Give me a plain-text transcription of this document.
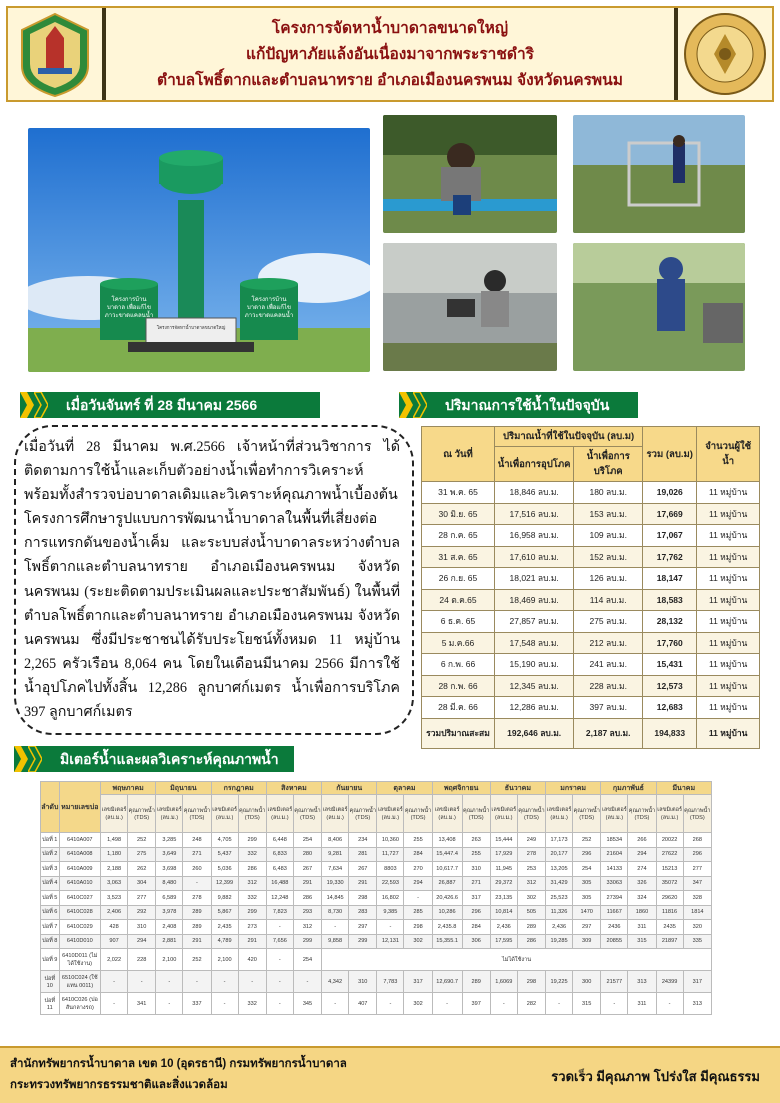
โครงการจัดหาน้ำบาดาลขนาดใหญ่
แก้ปัญหาภัยแล้งอันเนื่องมาจากพระราชดำริ
ตำบลโพธิ์ตากและตำบลนาทราย อำเภอเมืองนครพนม จังหวัดนครพนม
โครงการบ้านบาดาล เพื่อแก้ไขภาวะขาดแคลนน้ำ
โครงการบ้านบาดาล เพื่อแก้ไขภาวะขาดแคลนน้ำ
โครงการจัดหาน้ำบาดาลขนาดใหญ่
เมื่อวันจันทร์ ที่ 28 มีนาคม 2566	ปริมาณการใช้น้ำในปัจจุบัน

เมื่อวันที่ 28 มีนาคม พ.ศ.2566 เจ้าหน้าที่ส่วนวิชาการ ได้ติดตามการใช้น้ำและเก็บตัวอย่างน้ำเพื่อทำการวิเคราะห์ พร้อมทั้งสำรวจบ่อบาดาลเดิมและวิเคราะห์คุณภาพน้ำเบื้องต้น โครงการศึกษารูปแบบการพัฒนาน้ำบาดาลในพื้นที่เสี่ยงต่อการแทรกดันของน้ำเค็ม และระบบส่งน้ำบาดาลระหว่างตำบลโพธิ์ตากและตำบลนาทราย อำเภอเมืองนครพนม จังหวัดนครพนม (ระยะติดตามประเมินผลและประชาสัมพันธ์) ในพื้นที่ตำบลโพธิ์ตากและตำบลนาทราย อำเภอเมืองนครพนม จังหวัดนครพนม ซึ่งมีประชาชนได้รับประโยชน์ทั้งหมด 11 หมู่บ้าน 2,265 ครัวเรือน 8,064 คน โดยในเดือนมีนาคม 2566 มีการใช้น้ำอุปโภคไปทั้งสิ้น 12,286 ลูกบาศก์เมตร น้ำเพื่อการบริโภค 397 ลูกบาศก์เมตร

ณ วันที่	ปริมาณน้ำที่ใช้ในปัจจุบัน (ลบ.ม)		รวม (ลบ.ม)	จำนวนผู้ใช้น้ำ
	น้ำเพื่อการอุปโภค	น้ำเพื่อการบริโภค		
31 พ.ค. 65	18,846 ลบ.ม.	180 ลบ.ม.	19,026	11 หมู่บ้าน
30 มิ.ย. 65	17,516 ลบ.ม.	153 ลบ.ม.	17,669	11 หมู่บ้าน
28 ก.ค. 65	16,958 ลบ.ม.	109 ลบ.ม.	17,067	11 หมู่บ้าน
31 ส.ค. 65	17,610 ลบ.ม.	152 ลบ.ม.	17,762	11 หมู่บ้าน
26 ก.ย. 65	18,021 ลบ.ม.	126 ลบ.ม.	18,147	11 หมู่บ้าน
24 ต.ค.65	18,469 ลบ.ม.	114 ลบ.ม.	18,583	11 หมู่บ้าน
6 ธ.ค. 65	27,857 ลบ.ม.	275 ลบ.ม.	28,132	11 หมู่บ้าน
5 ม.ค.66	17,548 ลบ.ม.	212 ลบ.ม.	17,760	11 หมู่บ้าน
6 ก.พ. 66	15,190 ลบ.ม.	241 ลบ.ม.	15,431	11 หมู่บ้าน
28 ก.พ. 66	12,345 ลบ.ม.	228 ลบ.ม.	12,573	11 หมู่บ้าน
28 มี.ค. 66	12,286 ลบ.ม.	397 ลบ.ม.	12,683	11 หมู่บ้าน
รวมปริมาณสะสม	192,646 ลบ.ม.	2,187 ลบ.ม.	194,833	11 หมู่บ้าน
มิเตอร์น้ำและผลวิเคราะห์คุณภาพน้ำ
ลำดับ	หมายเลขบ่อ	พฤษภาคม		มิถุนายน		กรกฎาคม		สิงหาคม		กันยายน		ตุลาคม		พฤศจิกายน		ธันวาคม		มกราคม		กุมภาพันธ์		มีนาคม	
		เลขมิเตอร์ (ลบ.ม.)	คุณภาพน้ำ (TDS)	เลขมิเตอร์ (ลบ.ม.)	คุณภาพน้ำ (TDS)	เลขมิเตอร์ (ลบ.ม.)	คุณภาพน้ำ (TDS)	เลขมิเตอร์ (ลบ.ม.)	คุณภาพน้ำ (TDS)	เลขมิเตอร์ (ลบ.ม.)	คุณภาพน้ำ (TDS)	เลขมิเตอร์ (ลบ.ม.)	คุณภาพน้ำ (TDS)	เลขมิเตอร์ (ลบ.ม.)	คุณภาพน้ำ (TDS)	เลขมิเตอร์ (ลบ.ม.)	คุณภาพน้ำ (TDS)	เลขมิเตอร์ (ลบ.ม.)	คุณภาพน้ำ (TDS)	เลขมิเตอร์ (ลบ.ม.)	คุณภาพน้ำ (TDS)	เลขมิเตอร์ (ลบ.ม.)	คุณภาพน้ำ (TDS)
ปอที่ 1	6410A007	1,498	252	3,285	248	4,705	299	6,448	254	8,406	234	10,360	255	13,408	263	15,444	249	17,173	252	18534	266	20022	268
ปอที่ 2	6410A008	1,180	275	3,649	271	5,437	332	6,833	280	9,281	281	11,727	284	15,447.4	255	17,929	278	20,177	296	21604	294	27622	296
ปอที่ 3	6410A009	2,188	262	3,698	260	5,036	286	6,483	267	7,634	267	8803	270	10,617.7	310	11,945	253	13,205	254	14133	274	15213	277
ปอที่ 4	6410A010	3,063	304	8,480	-	12,399	312	16,488	291	19,330	291	22,593	294	26,887	271	29,372	312	31,429	305	33063	326	35072	347
ปอที่ 5	6410C027	3,523	277	6,589	278	9,882	332	12,248	286	14,845	298	16,802	-	20,426.6	317	23,135	302	25,523	305	27394	324	29620	328
ปอที่ 6	6410C028	2,406	292	3,978	289	5,867	299	7,823	293	8,730	283	9,385	285	10,286	296	10,814	505	11,326	1470	11667	1860	11816	1814
ปอที่ 7	6410C029	428	310	2,408	289	2,435	273	-	312	-	297	-	298	2,435.8	284	2,436	289	2,436	297	2436	311	2435	320
ปอที่ 8	6410D010	907	294	2,881	291	4,789	291	7,656	299	9,858	299	12,131	302	15,355.1	306	17,595	286	19,285	309	20855	315	21897	335
ปอที่ 9	6410D011 (ไม่ได้ใช้งาน)	2,022	228	2,100	252	2,100	420	-	254	ไม่ได้ใช้งาน													
ปอที่ 10	6510C024 (ใช้แทน 0011)	-	-	-	-	-	-	-	-	4,342	310	7,783	317	12,690.7	289	1,6069	298	19,225	300	21577	313	24399	317
ปอที่ 11	6410C026 (ปอสันกลางรถ)	-	341	-	337	-	332	-	345	-	407	-	302	-	397	-	282	-	315	-	311	-	313
สำนักทรัพยากรน้ำบาดาล เขต 10 (อุดรธานี) กรมทรัพยากรน้ำบาดาล
กระทรวงทรัพยากรธรรมชาติและสิ่งแวดล้อม
รวดเร็ว มีคุณภาพ โปร่งใส มีคุณธรรม
